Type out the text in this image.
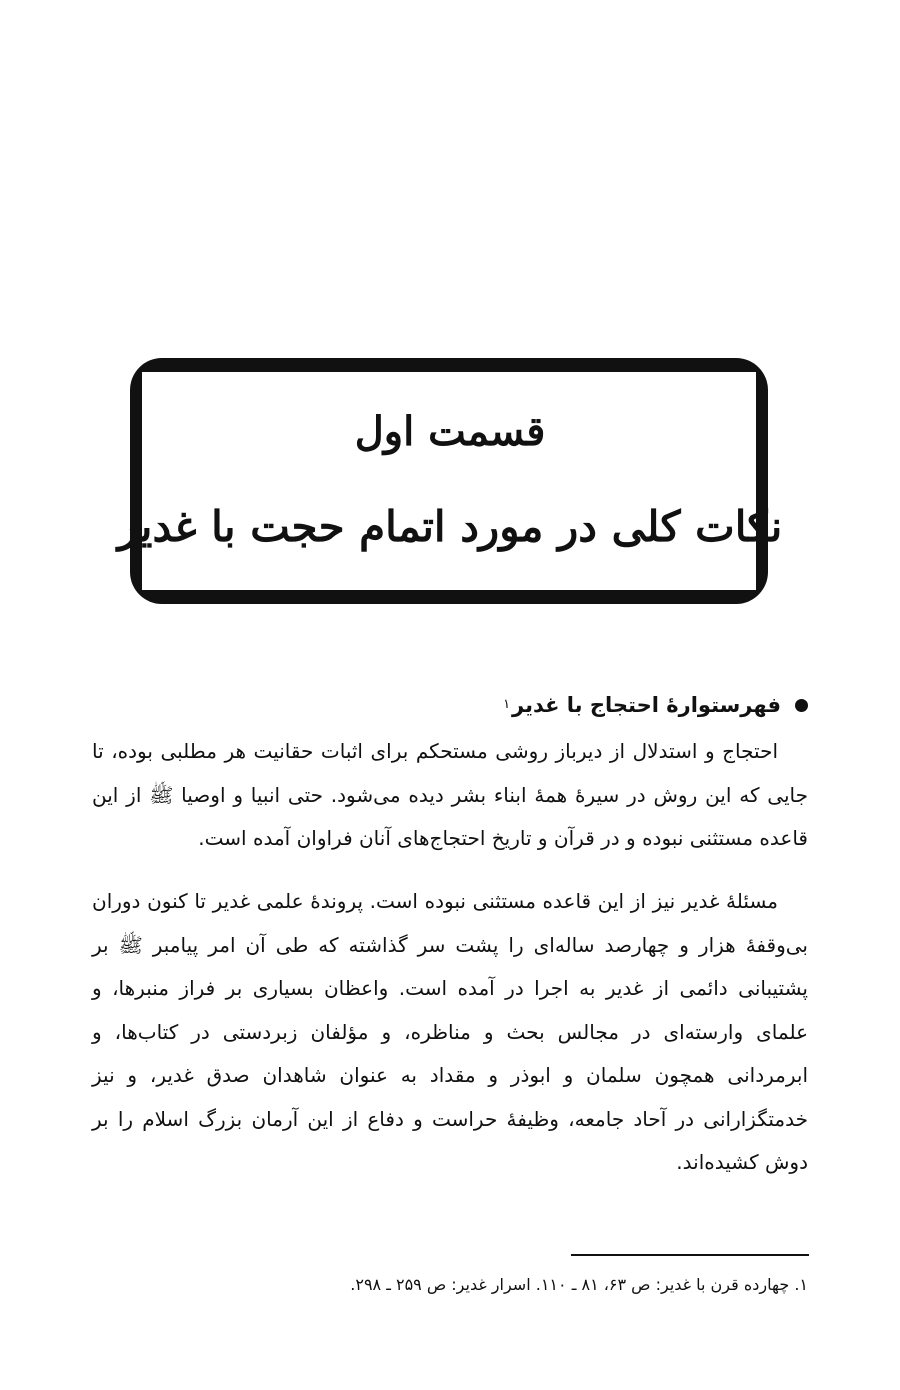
قسمت اول
نکات کلی در مورد اتمام حجت با غدیر
فهرستوارۀ احتجاج با غدیر
۱

احتجاج و استدلال از دیرباز روشی مستحکم برای اثبات حقانیت هر مطلبی بوده، تا جایی که این روش در سیرۀ همۀ ابناء بشر دیده می‌شود. حتی انبیا و اوصیا ﷺ از این قاعده مستثنی نبوده و در قرآن و تاریخ احتجاج‌های آنان فراوان آمده است.

مسئلۀ غدیر نیز از این قاعده مستثنی نبوده است. پروندۀ علمی غدیر تا کنون دوران بی‌وقفۀ هزار و چهارصد ساله‌ای را پشت سر گذاشته که طی آن امر پیامبر ﷺ بر پشتیبانی دائمی از غدیر به اجرا در آمده است. واعظان بسیاری بر فراز منبرها، و علمای وارسته‌ای در مجالس بحث و مناظره، و مؤلفان زبردستی در کتاب‌ها، و ابرمردانی همچون سلمان و ابوذر و مقداد به عنوان شاهدان صدق غدیر، و نیز خدمتگزارانی در آحاد جامعه، وظیفۀ حراست و دفاع از این آرمان بزرگ اسلام را بر دوش کشیده‌اند.

۱. چهارده قرن با غدیر: ص ۶۳، ۸۱ ـ ۱۱۰. اسرار غدیر: ص ۲۵۹ ـ ۲۹۸.
